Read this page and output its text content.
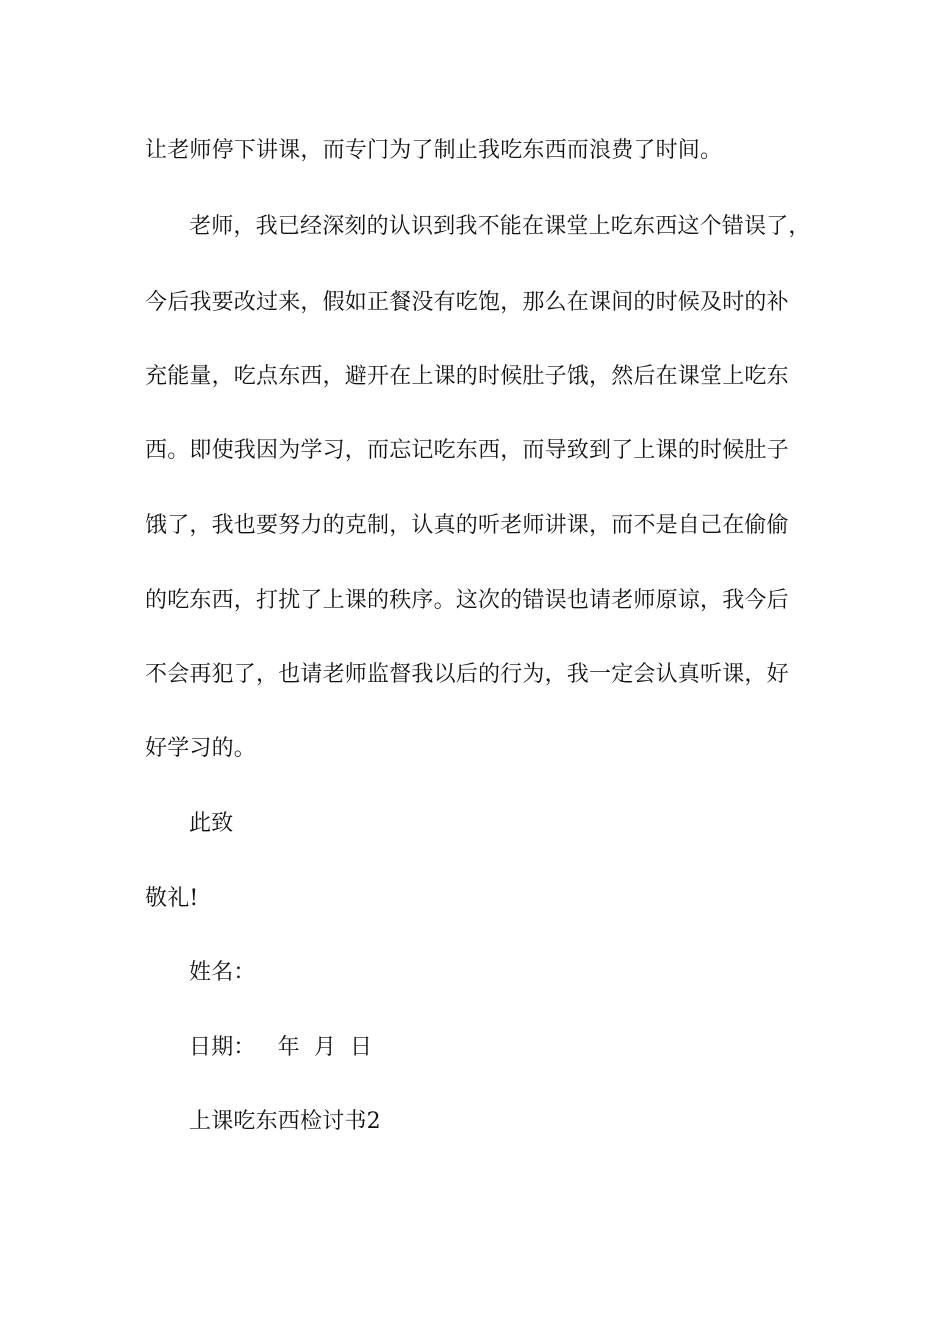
让老师停下讲课，而专门为了制止我吃东西而浪费了时间。
老师，我已经深刻的认识到我不能在课堂上吃东西这个错误了，
今后我要改过来，假如正餐没有吃饱，那么在课间的时候及时的补
充能量，吃点东西，避开在上课的时候肚子饿，然后在课堂上吃东
西。即使我因为学习，而忘记吃东西，而导致到了上课的时候肚子
饿了，我也要努力的克制，认真的听老师讲课，而不是自己在偷偷
的吃东西，打扰了上课的秩序。这次的错误也请老师原谅，我今后
不会再犯了，也请老师监督我以后的行为，我一定会认真听课，好
好学习的。
此致
敬礼!
姓名：
日期： 年 月 日
上课吃东西检讨书2
